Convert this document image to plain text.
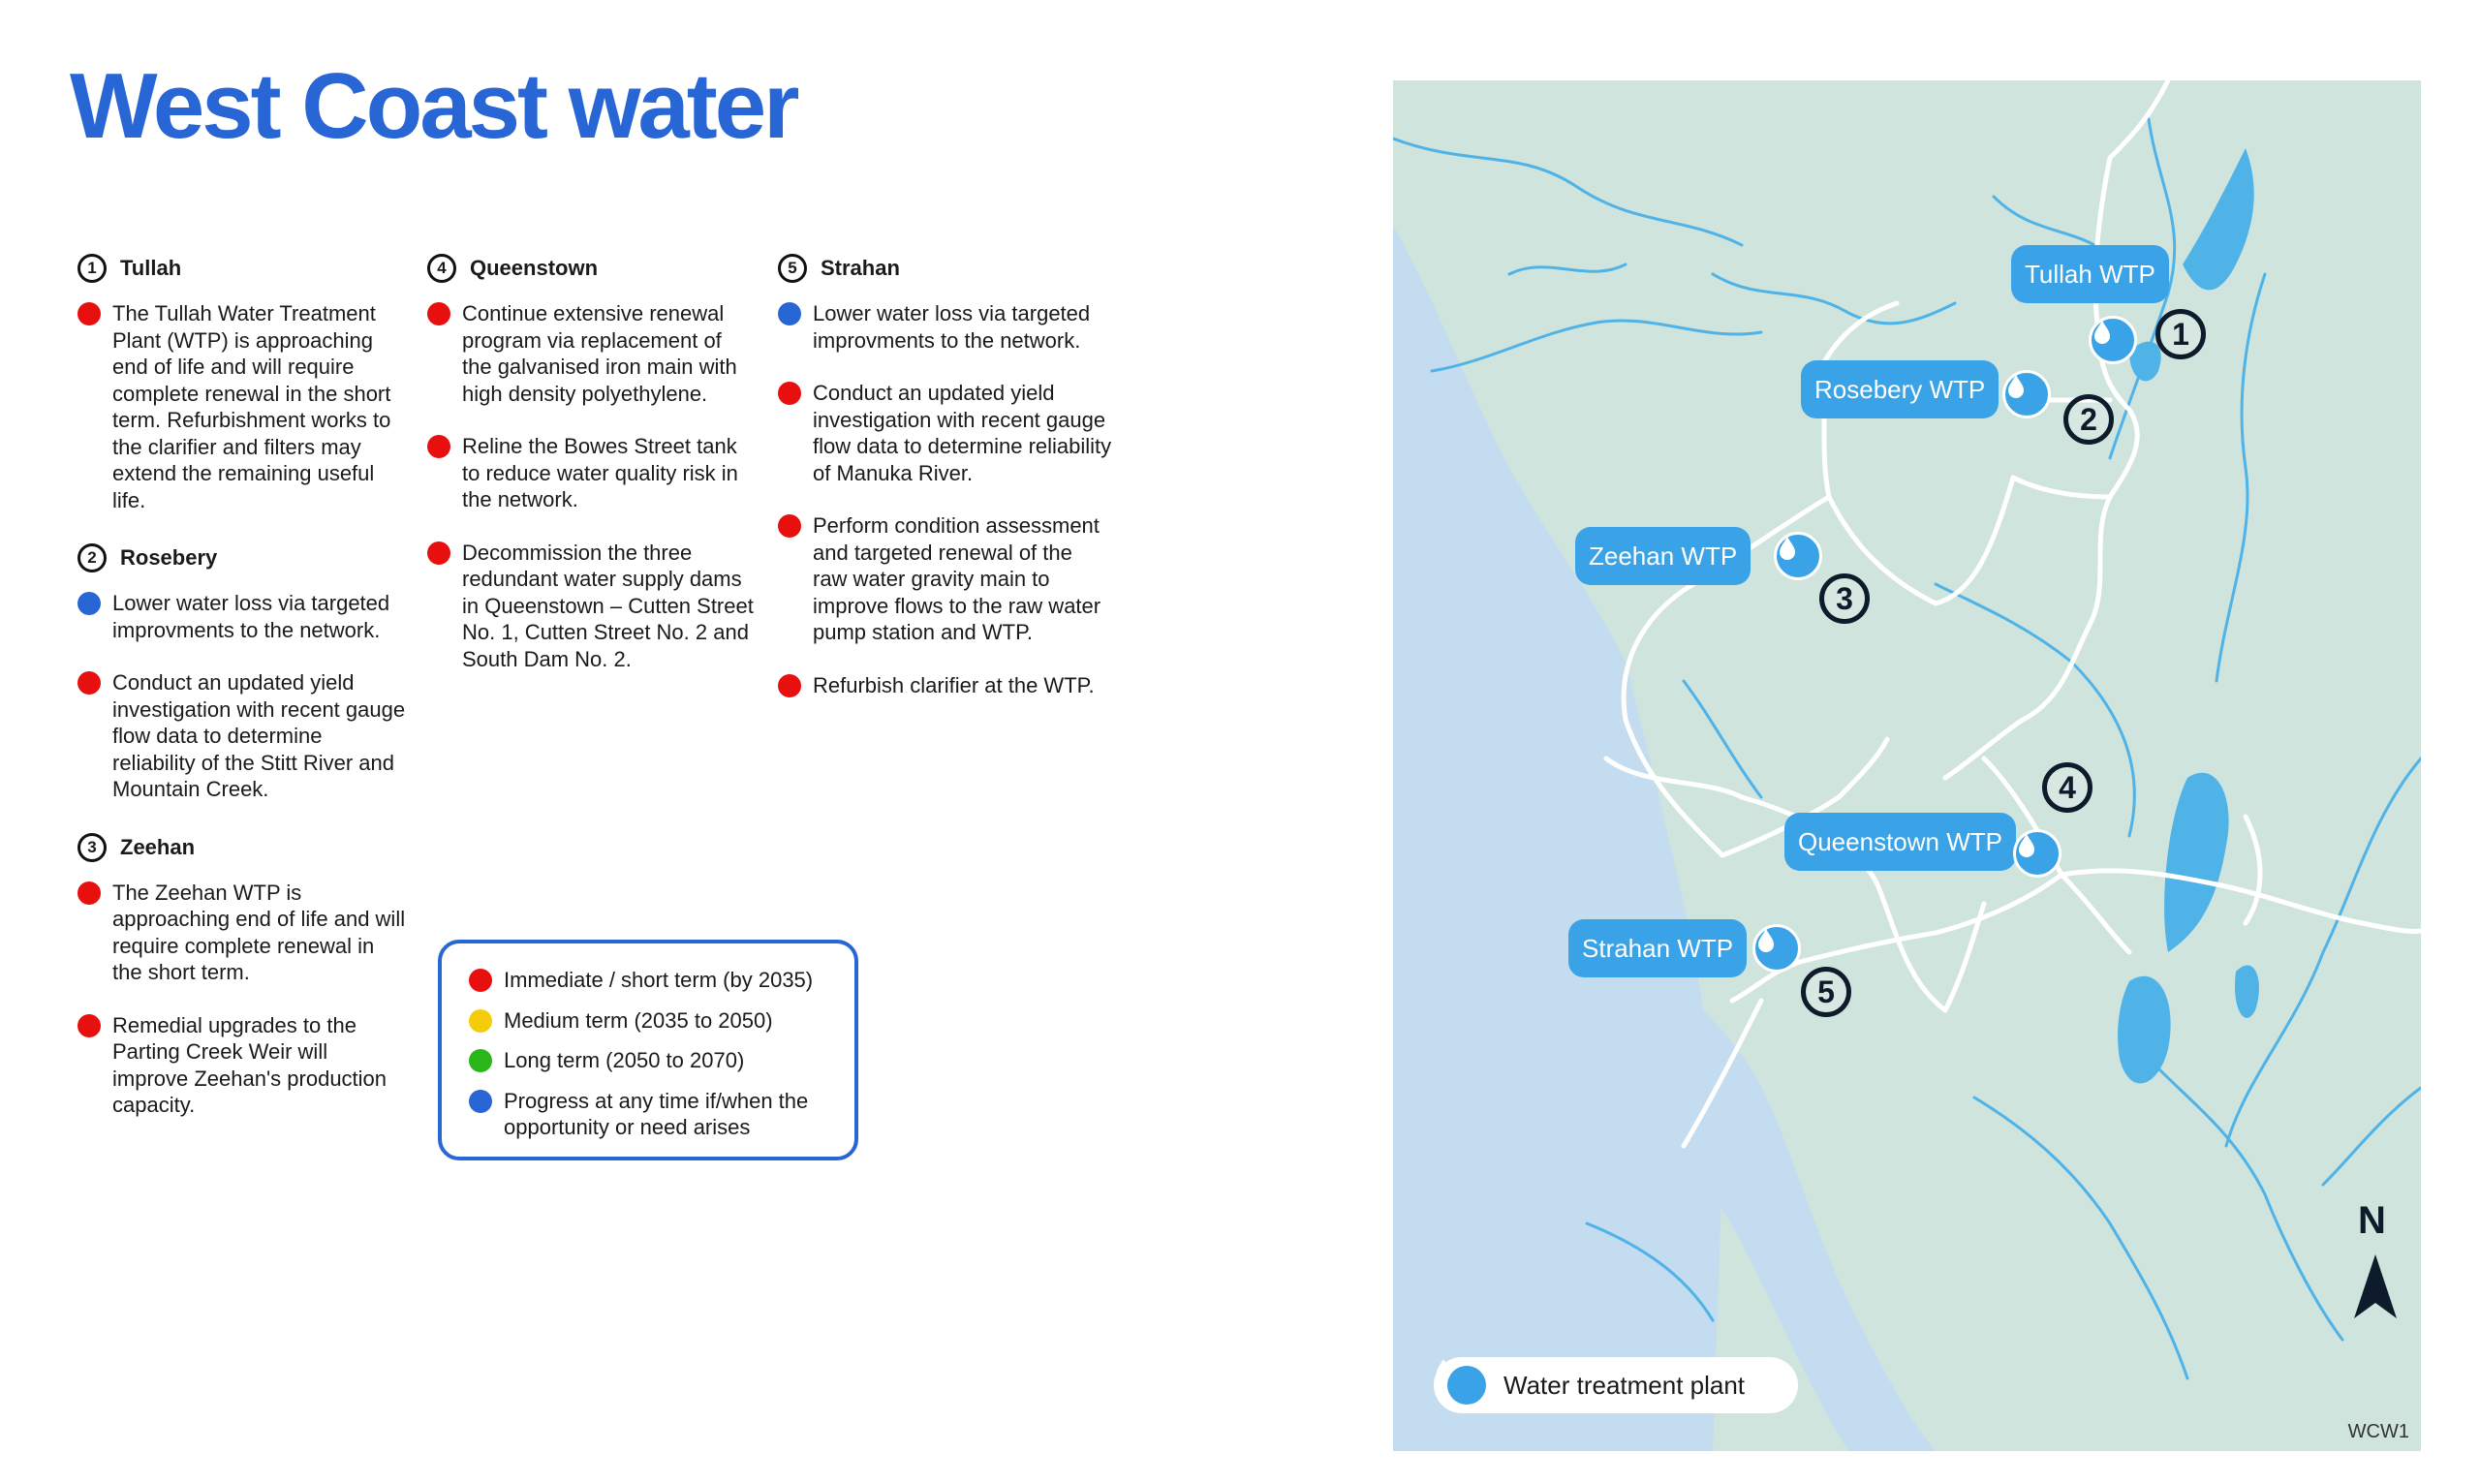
West Coast water
1	Tullah
The Tullah Water Treatment Plant (WTP) is approaching end of life and will require complete renewal in the short term. Refurbishment works to the clarifier and filters may extend the remaining useful life.
2	Rosebery
Lower water loss via targeted improvments to the network.
Conduct an updated yield investigation with recent gauge flow data to determine reliability of the Stitt River and Mountain Creek.
3	Zeehan
The Zeehan WTP is approaching end of life and will require complete renewal in the short term.
Remedial upgrades to the Parting Creek Weir will improve Zeehan's production capacity.
4	Queenstown
Continue extensive renewal program via replacement of the galvanised iron main with high density polyethylene.
Reline the Bowes Street tank to reduce water quality risk in the network.
Decommission the three redundant water supply dams in Queenstown – Cutten Street No. 1, Cutten Street No. 2 and South Dam No. 2.
5	Strahan
Lower water loss via targeted improvments to the network.
Conduct an updated yield investigation with recent gauge flow data to determine reliability of Manuka River.
Perform condition assessment and targeted renewal of the raw water gravity main to improve flows to the raw water pump station and WTP.
Refurbish clarifier at the WTP.
Immediate / short term (by 2035)
Medium term (2035 to 2050)
Long term (2050 to 2070)
Progress at any time if/when the opportunity or need arises
Tullah WTP
1
Rosebery WTP
2
Zeehan WTP
3
Queenstown WTP
4
Strahan WTP
5
Water treatment plant
N
WCW1
